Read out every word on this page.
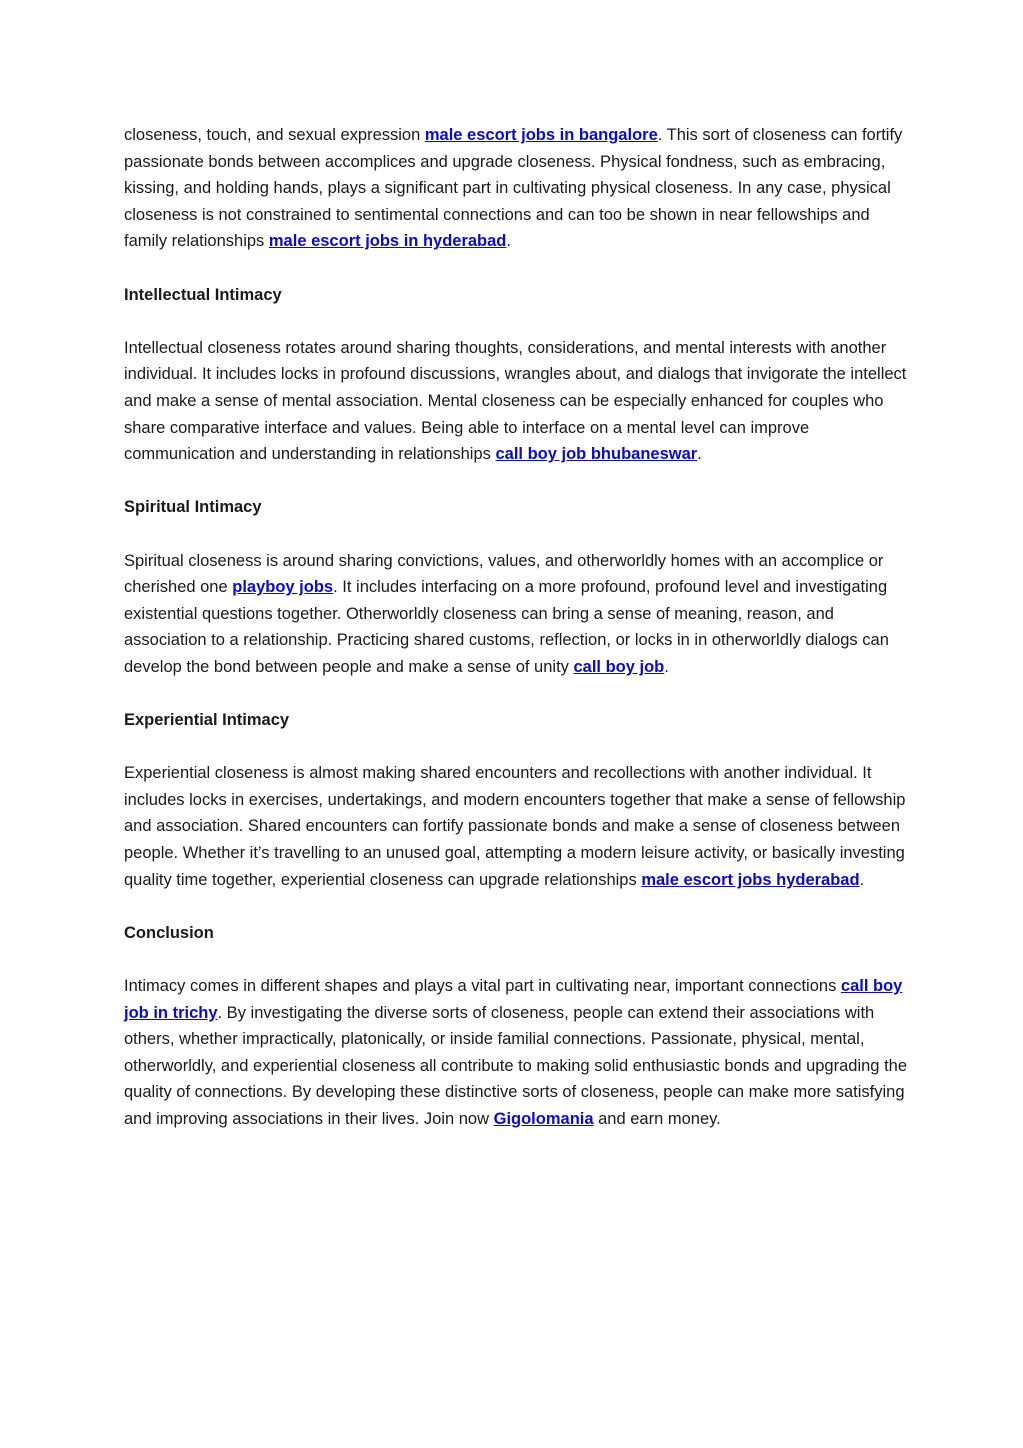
closeness, touch, and sexual expression male escort jobs in bangalore. This sort of closeness can fortify passionate bonds between accomplices and upgrade closeness. Physical fondness, such as embracing, kissing, and holding hands, plays a significant part in cultivating physical closeness. In any case, physical closeness is not constrained to sentimental connections and can too be shown in near fellowships and family relationships male escort jobs in hyderabad.

Intellectual Intimacy

Intellectual closeness rotates around sharing thoughts, considerations, and mental interests with another individual. It includes locks in profound discussions, wrangles about, and dialogs that invigorate the intellect and make a sense of mental association. Mental closeness can be especially enhanced for couples who share comparative interface and values. Being able to interface on a mental level can improve communication and understanding in relationships call boy job bhubaneswar.

Spiritual Intimacy

Spiritual closeness is around sharing convictions, values, and otherworldly homes with an accomplice or cherished one playboy jobs. It includes interfacing on a more profound, profound level and investigating existential questions together. Otherworldly closeness can bring a sense of meaning, reason, and association to a relationship. Practicing shared customs, reflection, or locks in in otherworldly dialogs can develop the bond between people and make a sense of unity call boy job.

Experiential Intimacy

Experiential closeness is almost making shared encounters and recollections with another individual. It includes locks in exercises, undertakings, and modern encounters together that make a sense of fellowship and association. Shared encounters can fortify passionate bonds and make a sense of closeness between people. Whether it’s travelling to an unused goal, attempting a modern leisure activity, or basically investing quality time together, experiential closeness can upgrade relationships male escort jobs hyderabad.

Conclusion

Intimacy comes in different shapes and plays a vital part in cultivating near, important connections call boy job in trichy. By investigating the diverse sorts of closeness, people can extend their associations with others, whether impractically, platonically, or inside familial connections. Passionate, physical, mental, otherworldly, and experiential closeness all contribute to making solid enthusiastic bonds and upgrading the quality of connections. By developing these distinctive sorts of closeness, people can make more satisfying and improving associations in their lives. Join now Gigolomania and earn money.
